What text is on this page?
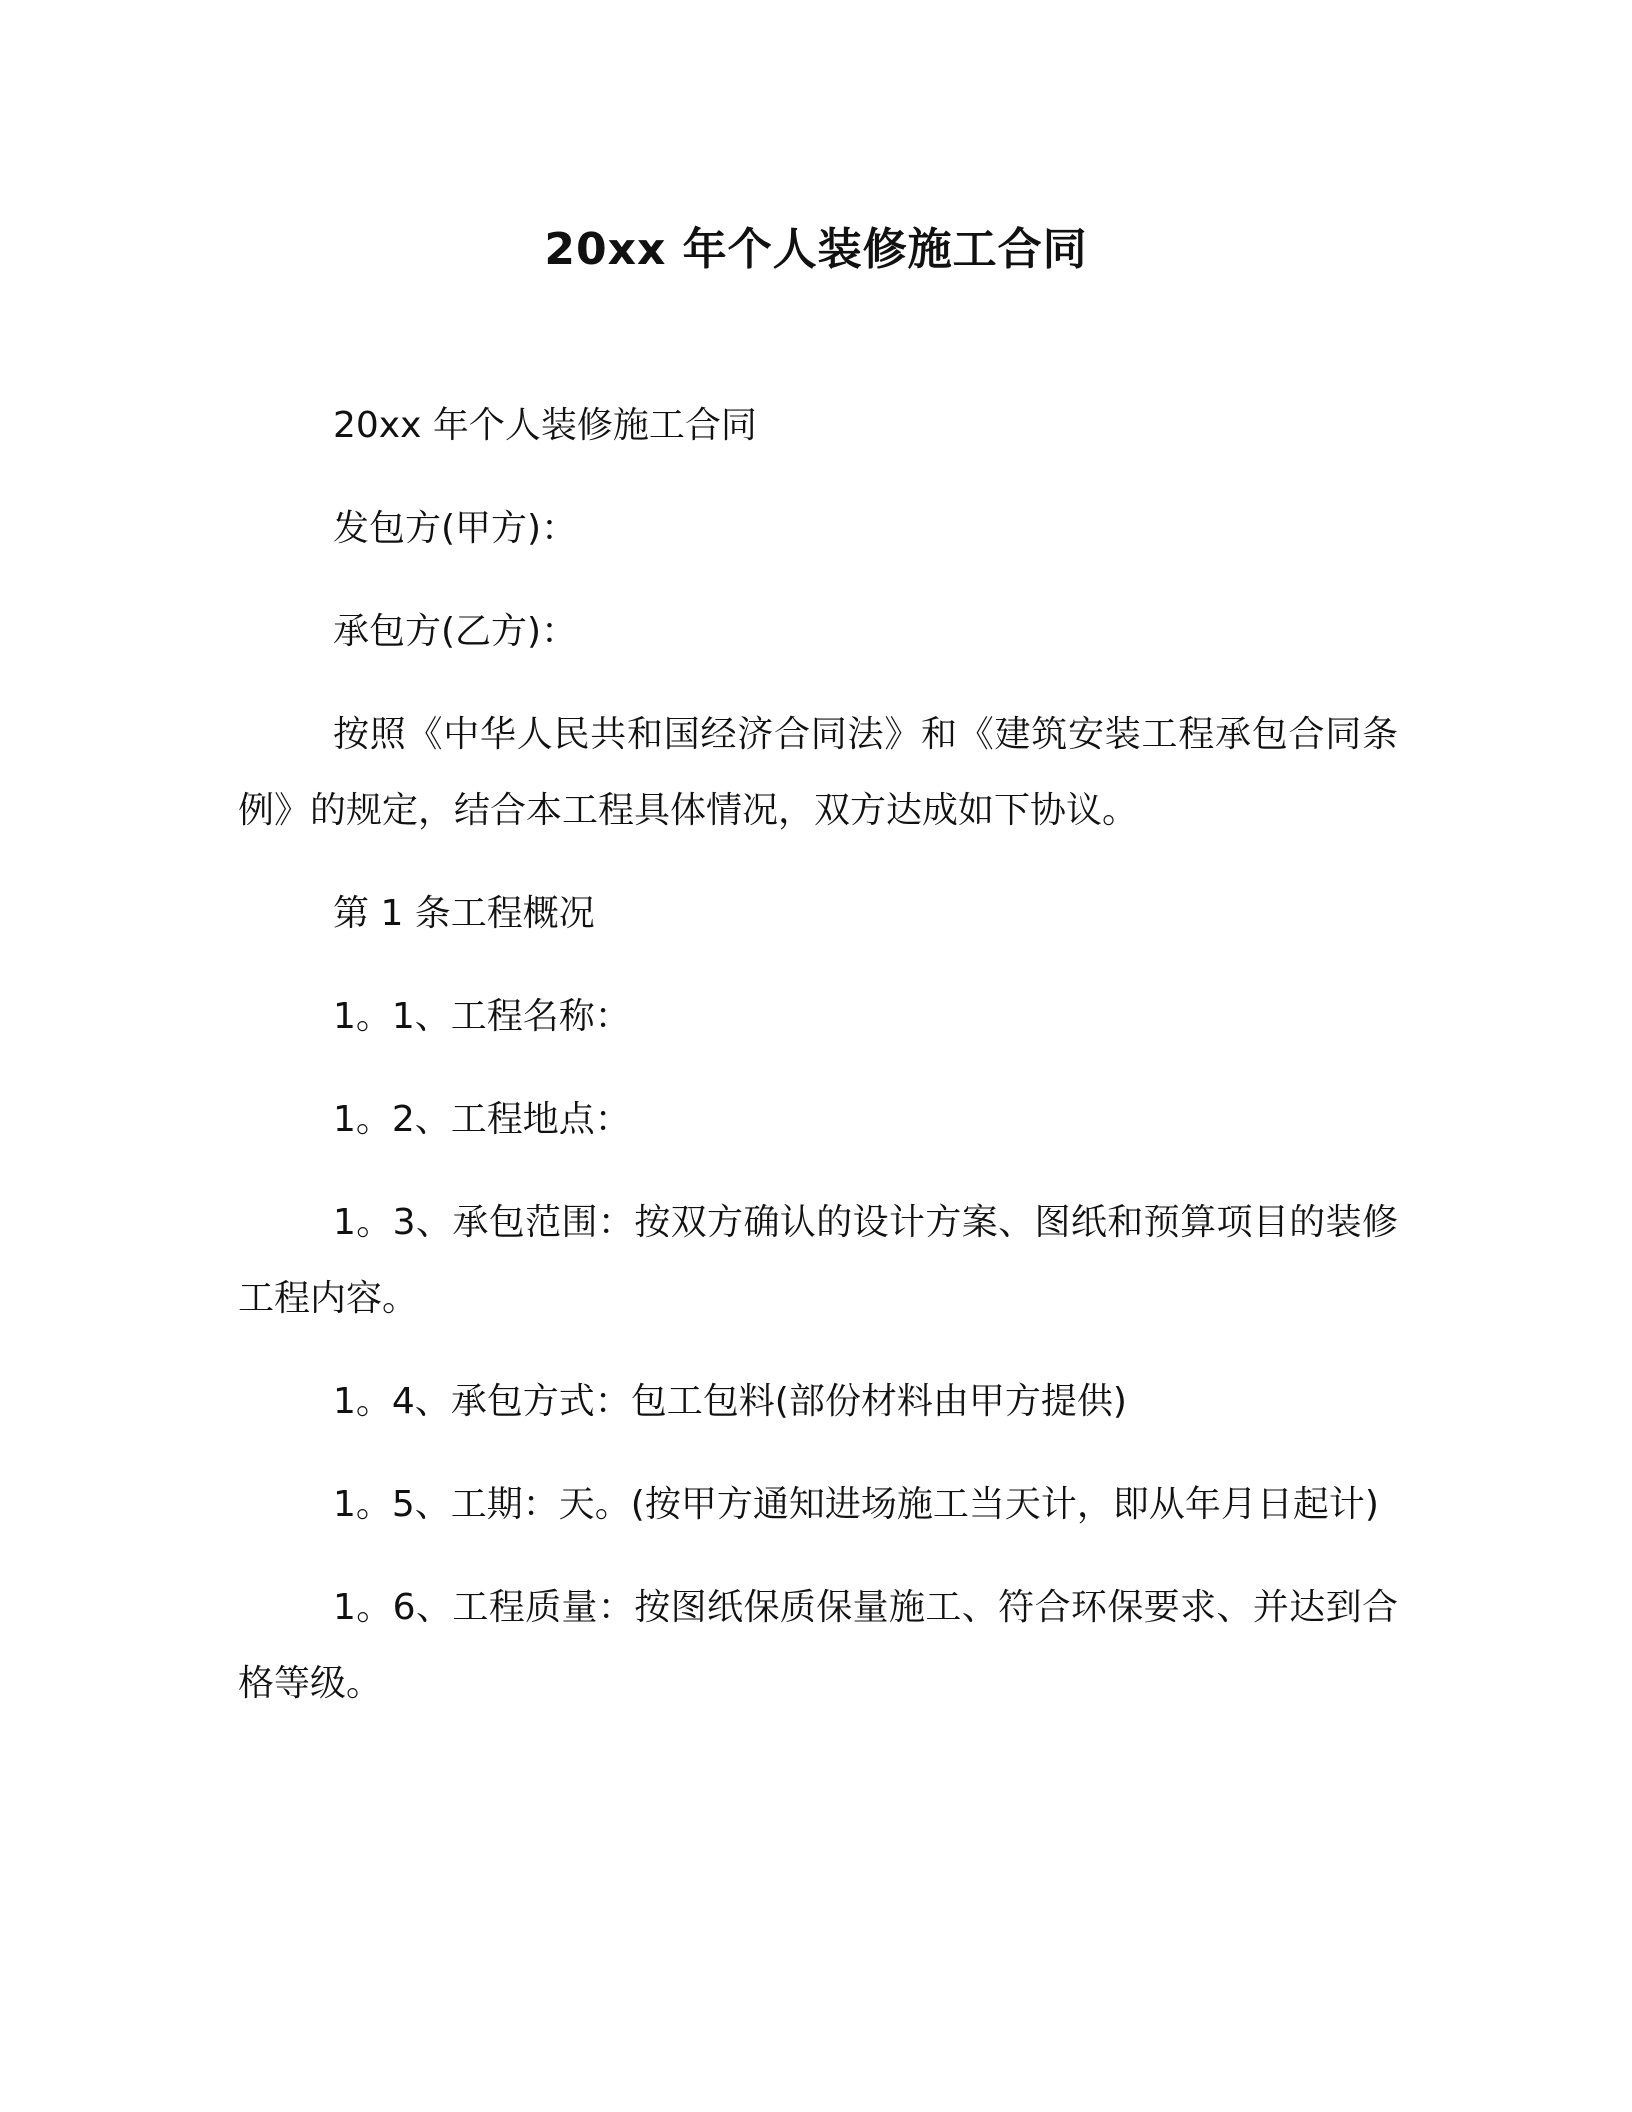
20xx 年个人装修施工合同

20xx 年个人装修施工合同

发包方(甲方)：

承包方(乙方)：

按照《中华人民共和国经济合同法》和《建筑安装工程承包合同条例》的规定，结合本工程具体情况，双方达成如下协议。

第 1 条工程概况

1。1、工程名称：

1。2、工程地点：

1。3、承包范围：按双方确认的设计方案、图纸和预算项目的装修工程内容。

1。4、承包方式：包工包料(部份材料由甲方提供)

1。5、工期：天。(按甲方通知进场施工当天计，即从年月日起计)

1。6、工程质量：按图纸保质保量施工、符合环保要求、并达到合格等级。
